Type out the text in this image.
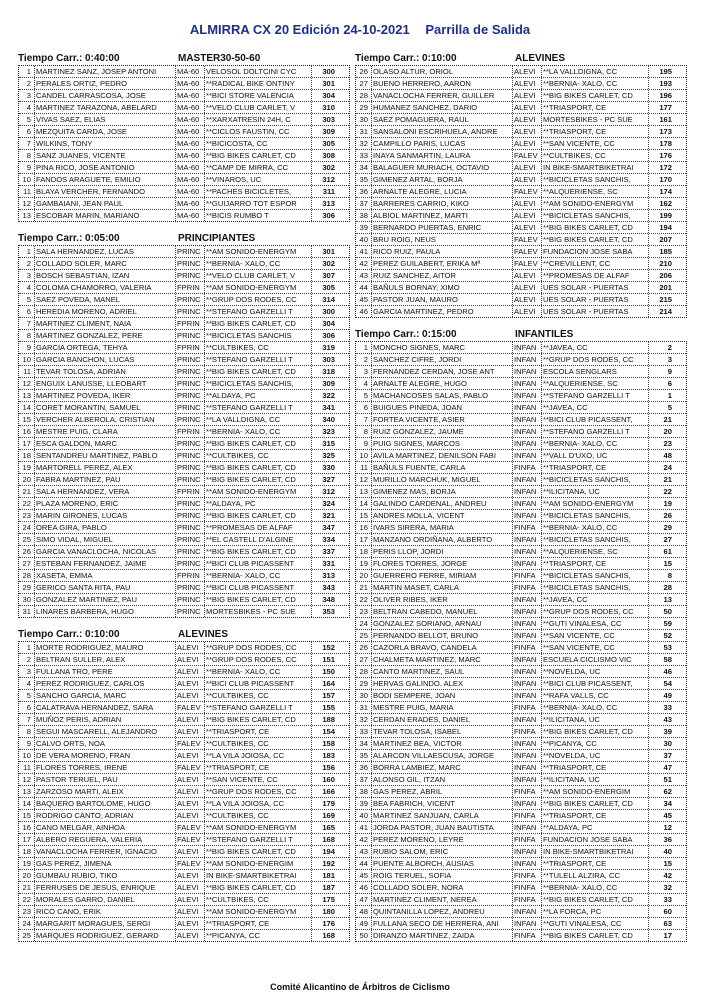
ALMIRRA CX 20 Edición 24-10-2021 Parrilla de Salida
Tiempo Carr.: 0:40:00	MASTER30-50-60
1 MARTINEZ SANZ, JOSEP ANTONI	MA-60 VELOSOL DOLTCINI CYC	300
2 PERALES ORTIZ, PEDRO	MA-60 **RADICAL BIKE ONTINY	301
3 CANDEL CARRASCOSA, JOSE	MA-60 **BICI STORE VALENCIA	304
4 MARTINEZ TARAZONA, ABELARD	MA-60 **VELO CLUB CARLET, V	310
5 VIVAS SAEZ, ELIAS	MA-60 **XARXATRESIN 24H, C	303
6 MEZQUITA CARDA, JOSE	MA-60 **CICLOS FAUSTIN, CC	309
7 WILKINS, TONY	MA-60 **BICICOSTA, CC	305
8 SANZ JUANES, VICENTE	MA-60 **BIG BIKES CARLET, CD	308
9 PINA RICO, JOSE ANTONIO	MA-60 **CAMP DE MIRRA, CC	302
10 FANDOS ARAGUETE, EMILIO	MA-60 **VINAROS, UC	312
11 BLAYA VERCHER, FERNANDO	MA-60 **PACHES BICICLETES,	311
12 GAMBAIANI, JEAN PAUL	MA-60 **GUIJARRO TOT ESPOR	313
13 ESCOBAR MARIN, MARIANO	MA-60 **BICIS RUMBO T	306
Tiempo Carr.: 0:05:00	PRINCIPIANTES
1 SALA HERNANDEZ, LUCAS	PRINC **AM SONIDO-ENERGYM	301
2 COLLADO SOLER, MARC	PRINC **BERNIA- XALO, CC	302
3 BOSCH SEBASTIAN, IZAN	PRINC **VELO CLUB CARLET, V	307
4 COLOMA CHAMORRO, VALERIA	FPRIN **AM SONIDO-ENERGYM	305
5 SAEZ POVEDA, MANEL	PRINC **GRUP DOS RODES, CC	314
6 HEREDIA MORENO, ADRIEL	PRINC **STEFANO GARZELLI T	300
7 MARTINEZ CLIMENT, NAIA	FPRIN **BIG BIKES CARLET, CD	304
8 MARTINEZ GONZALEZ, PERE	PRINC **BICICLETAS SANCHIS	306
9 GARCIA ORTEGA, TEHYA	FPRIN **CULTBIKES, CC	319
10 GARCIA BANCHON, LUCAS	PRINC **STEFANO GARZELLI T	303
11 TEVAR TOLOSA, ADRIAN	PRINC **BIG BIKES CARLET, CD	318
12 ENGUIX LANUSSE, LLEOBART	PRINC **BICICLETAS SANCHIS,	309
13 MARTINEZ POVEDA, IKER	PRINC **ALDAYA, PC	322
14 CORET MORANTIN, SAMUEL	PRINC **STEFANO GARZELLI T	341
15 VERCHER ALBEROLA, CRISTIAN	PRINC **LA VALLDIGNA, CC	340
16 MESTRE PUIG, CLARA	FPRIN **BERNIA- XALO, CC	323
17 ESCA GALDON, MARC	PRINC **BIG BIKES CARLET, CD	315
18 SENTANDREU MARTINEZ, PABLO	PRINC **CULTBIKES, CC	325
19 MARTORELL PEREZ, ALEX	PRINC **BIG BIKES CARLET, CD	330
20 FABRA MARTINEZ, PAU	PRINC **BIG BIKES CARLET, CD	327
21 SALA HERNANDEZ, VERA	FPRIN **AM SONIDO-ENERGYM	312
22 PLAZA MORENO, ERIC	PRINC **ALDAYA, PC	324
23 MARIN GIRONES, LUCAS	PRINC **BIG BIKES CARLET, CD	321
24 OREA GIRA, PABLO	PRINC **PROMESAS DE ALFAF	347
25 SIMO VIDAL, MIGUEL	PRINC **EL CASTELL D'ALGINE	334
26 GARCIA VANACLOCHA, NICOLAS	PRINC **BIG BIKES CARLET, CD	337
27 ESTEBAN FERNANDEZ, JAIME	PRINC **BICI CLUB PICASSENT	331
28 XASETA, EMMA	FPRIN **BERNIA- XALO, CC	313
29 GERICO SANTA RITA, PAU	PRINC **BICI CLUB PICASSENT	343
30 GONZALEZ MARTINEZ, PAU	PRINC **BIG BIKES CARLET, CD	348
31 LINARES BARBERA, HUGO	PRINC MORTESBIKES - PC SUE	353
Tiempo Carr.: 0:10:00	ALEVINES
1 MORTE RODRIGUEZ, MAURO	ALEVI **GRUP DOS RODES, CC	152
2 BELTRAN SULLER, ALEX	ALEVI **GRUP DOS RODES, CC	151
3 FULLANA TRO, PERE	ALEVI **BERNIA- XALO, CC	150
4 PEREZ RODRIGUEZ, CARLOS	ALEVI **BICI CLUB PICASSENT	164
5 SANCHO GARCIA, MARC	ALEVI **CULTBIKES, CC	157
6 CALATRAVA HERNANDEZ, SARA	FALEV **STEFANO GARZELLI T	155
7 MUÑOZ PERIS, ADRIAN	ALEVI **BIG BIKES CARLET, CD	188
8 SEGUI MASCARELL, ALEJANDRO	ALEVI **TRIASPORT, CE	154
9 CALVO ORTS, NOA	FALEV **CULTBIKES, CC	158
10 DE VERA MORENO, FRAN	ALEVI **LA VILA JOIOSA, CC	183
11 FLORES TORRES, IRENE	FALEV **TRIASPORT, CE	156
12 PASTOR TERUEL, PAU	ALEVI **SAN VICENTE, CC	160
13 ZARZOSO MARTI, ALEIX	ALEVI **GRUP DOS RODES, CC	166
14 BAQUERO BARTOLOME, HUGO	ALEVI **LA VILA JOIOSA, CC	179
15 RODRIGO CANTO, ADRIAN	ALEVI **CULTBIKES, CC	169
16 CANO MELGAR, AINHOA	FALEV **AM SONIDO-ENERGYM	165
17 ALBERO REGUERA, VALERIA	FALEV **STEFANO GARZELLI T	168
18 VANACLOCHA FERRER, IGNACIO	ALEVI **BIG BIKES CARLET, CD	194
19 GAS PEREZ, JIMENA	FALEV **AM SONIDO-ENERGIM	192
20 GUMBAU RUBIO, TIKO	ALEVI IN BIKE-SMARTBIKETRAI	181
21 FERRUSES DE JESUS, ENRIQUE	ALEVI **BIG BIKES CARLET, CD	187
22 MORALES GARRO, DANIEL	ALEVI **CULTBIKES, CC	175
23 RICO CANO, ERIK	ALEVI **AM SONIDO-ENERGYM	180
24 MARGARIT MORAGUES, SERGI	ALEVI **TRIASPORT, CE	176
25 MARQUES RODRIGUEZ, GERARD	ALEVI **PICANYA, CC	168
Tiempo Carr.: 0:10:00	ALEVINES
26 OLASO ALTUR, ORIOL	ALEVI **LA VALLDIGNA, CC	195
27 BUENO HERRERO, AARON	ALEVI **BERNIA- XALO, CC	193
28 VANACLOCHA FERRER, GUILLER	ALEVI **BIG BIKES CARLET, CD	196
29 HUMANEZ SANCHEZ, DARIO	ALEVI **TRIASPORT, CE	177
30 SAEZ POMAGUERA, RAUL	ALEVI MORTESBIKES - PC SUE	161
31 SANSALONI ESCRIHUELA, ANDRE	ALEVI **TRIASPORT, CE	173
32 CAMPILLO PARIS, LUCAS	ALEVI **SAN VICENTE, CC	178
33 INAYA SANMARTIN, LAURA	FALEV **CULTBIKES, CC	176
34 BALAGUER MURIACH, OCTAVIO	ALEVI IN BIKE-SMARTBIKETRAI	172
35 GIMENEZ ARTAL, BORJA	ALEVI **BICICLETAS SANCHIS,	170
36 ARNALTE ALEGRE, LUCIA	FALEV **ALQUERIENSE, SC	174
37 BARRERES CARRIO, KIKO	ALEVI **AM SONIDO-ENERGYM	162
38 ALBIOL MARTINEZ, MARTI	ALEVI **BICICLETAS SANCHIS,	199
39 BERNARDO PUERTAS, ENRIC	ALEVI **BIG BIKES CARLET, CD	194
40 BRU ROIG, NEUS	FALEV **BIG BIKES CARLET, CD	207
41 RICO RUIZ, PAULA	FALEV FUNDACION JOSE SABA	185
42 PEREZ GUILABERT, ERIKA Mª	FALEV **CREVILLENT, CC	210
43 RUIZ SANCHEZ, AITOR	ALEVI **PROMESAS DE ALFAF	206
44 BAÑULS BORNAY, XIMO	ALEVI UES SOLAR - PUERTAS	201
45 PASTOR JUAN, MAURO	ALEVI UES SOLAR - PUERTAS	215
46 GARCIA MARTINEZ, PEDRO	ALEVI UES SOLAR - PUERTAS	214
Tiempo Carr.: 0:15:00	INFANTILES
1 MONCHO SIGNES, MARC	INFAN **JAVEA, CC	2
2 SANCHEZ CIFRE, JORDI	INFAN **GRUP DOS RODES, CC	3
3 FERNANDEZ CERDAN, JOSE ANT	INFAN ESCOLA SENGLARS	9
4 ARNALTE ALEGRE, HUGO	INFAN **ALQUERIENSE, SC	6
5 MACHANCOSES SALAS, PABLO	INFAN **STEFANO GARZELLI T	1
6 BUIGUES PINEDA, JOAN	INFAN **JAVEA, CC	5
7 FORTEA VICENTE, ASIER	INFAN **BICI CLUB PICASSENT,	21
8 RUIZ GONZALEZ, JAUME	INFAN **STEFANO GARZELLI T	20
9 PUIG SIGNES, MARCOS	INFAN **BERNIA- XALO, CC	23
10 AVILA MARTINEZ, DENILSON FABI	INFAN **VALL D'UXO, UC	48
11 BAÑULS FUENTE, CARLA	FINFA **TRIASPORT, CE	24
12 MURILLO MARCHUK, MIGUEL	INFAN **BICICLETAS SANCHIS,	21
13 GIMENEZ MAS, BORJA	INFAN **ILICITANA, UC	22
14 GALINDO CARDENAL, ANDREU	INFAN **AM SONIDO-ENERGYM	19
15 ANDRES MOLLA, VICENT	INFAN **BICICLETAS SANCHIS,	26
16 IVARS SIRERA, MARIA	FINFA **BERNIA- XALO, CC	29
17 MANZANO ORDIÑANA, ALBERTO	INFAN **BICICLETAS SANCHIS,	27
18 PERIS LLOP, JORDI	INFAN **ALQUERIENSE, SC	61
19 FLORES TORRES, JORGE	INFAN **TRIASPORT, CE	15
20 GUERRERO FERRE, MIRIAM	FINFA **BICICLETAS SANCHIS,	8
21 MARTIN MASET, CARLA	FINFA **BICICLETAS SANCHIS,	28
22 OLIVER RIBES, IKER	INFAN **JAVEA, CC	13
23 BELTRAN CABEDO, MANUEL	INFAN **GRUP DOS RODES, CC	50
24 GONZALEZ SORIANO, ARNAU	INFAN **GUTI VINALESA, CC	59
25 PERNANDO BELLOT, BRUNO	INFAN **SAN VICENTE, CC	52
26 CAZORLA BRAVO, CANDELA	FINFA **SAN VICENTE, CC	53
27 CHALMETA MARTINEZ, MARC	INFAN ESCUELA CICLISMO VIC	58
28 CANTO MARTINEZ, SAUL	INFAN **NOVELDA, UC	46
29 HERVAS GALINDO, ALEX	INFAN **BICI CLUB PICASSENT,	54
30 BODI SEMPERE, JOAN	INFAN **RAFA VALLS, CC	49
31 MESTRE PUIG, MARIA	FINFA **BERNIA- XALO, CC	33
32 CERDAN ERADES, DANIEL	INFAN **ILICITANA, UC	43
33 TEVAR TOLOSA, ISABEL	FINFA **BIG BIKES CARLET, CD	39
34 MARTINEZ BEA, VICTOR	INFAN **PICANYA, CC	30
35 ALARCON VILLAESCUSA, JORGE	INFAN **NOVELDA, UC	37
36 BORRA LAMBIEZ, MARC	INFAN **TRIASPORT, CE	47
37 ALONSO GIL, ITZAN	INFAN **ILICITANA, UC	51
38 GAS PEREZ, ABRIL	FINFA **AM SONIDO-ENERGIM	62
39 BEA FABRICH, VICENT	INFAN **BIG BIKES CARLET, CD	34
40 MARTINEZ SANJUAN, CARLA	FINFA **TRIASPORT, CE	45
41 JORDA PASTOR, JUAN BAUTISTA	INFAN **ALDAYA, PC	12
42 PEREZ MORENO, LEYRE	FINFA FUNDACION JOSE SABA	36
43 RUBIO SALOM, ERIC	INFAN IN BIKE-SMARTBIKETRAI	40
44 PUENTE ALBORCH, AUSIAS	INFAN **TRIASPORT, CE	15
45 ROIG TERUEL, SOFIA	FINFA **TULELL ALZIRA, CC	42
46 COLLADO SOLER, NORA	FINFA **BERNIA- XALO, CC	32
47 MARTINEZ CLIMENT, NEREA	FINFA **BIG BIKES CARLET, CD	33
48 QUINTANILLA LOPEZ, ANDREU	INFAN **LA FORCA, PC	60
49 FULLANA SECO DE HERRERA, ANI	INFAN **GUTI VINALESA, CC	63
50 DIRANZO MARTINEZ, ZAIDA	FINFA **BIG BIKES CARLET, CD	17
Comité Alicantino de Árbitros de Ciclismo
